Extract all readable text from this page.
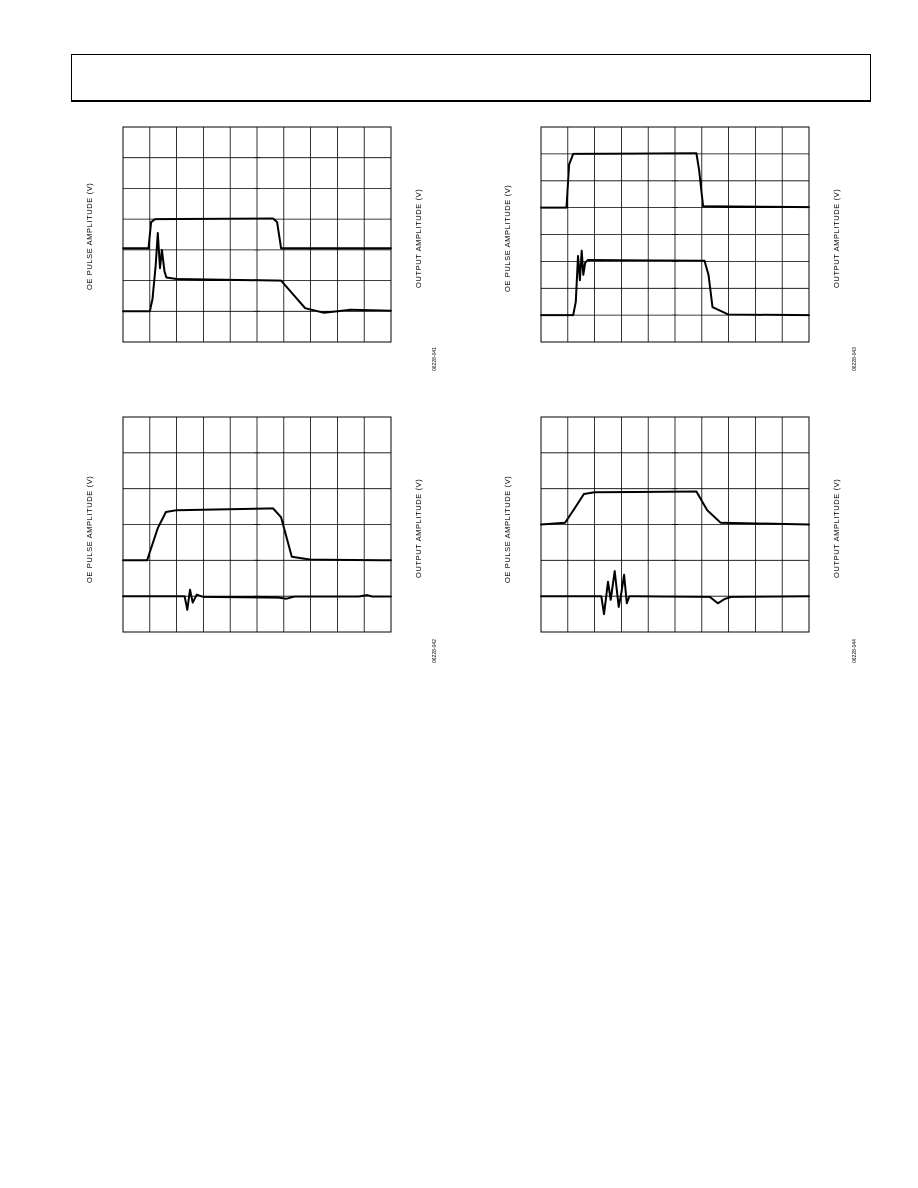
OE PULSE AMPLITUDE (V)	OUTPUT AMPLITUDE (V)
06228-041
OE PULSE AMPLITUDE (V)	OUTPUT AMPLITUDE (V)
06228-042
OE PULSE AMPLITUDE (V)	OUTPUT AMPLITUDE (V)
06228-043
OE PULSE AMPLITUDE (V)	OUTPUT AMPLITUDE (V)
06228-044
